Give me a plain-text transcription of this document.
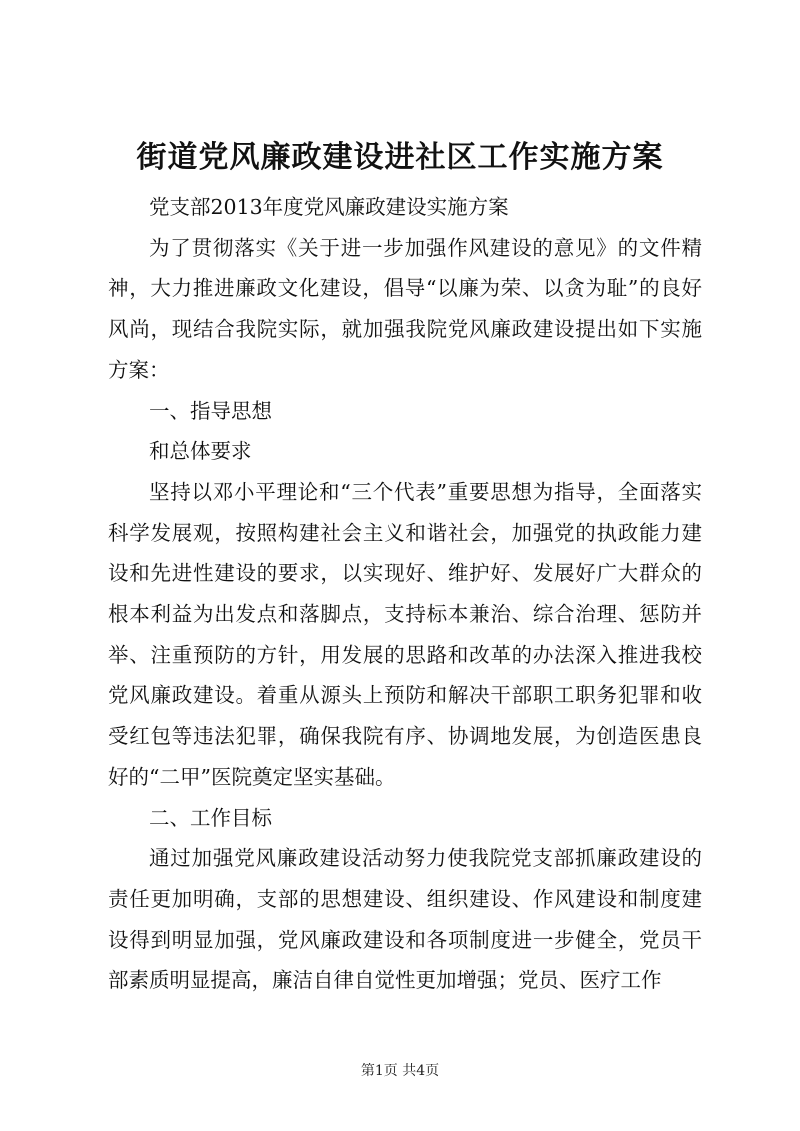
街道党风廉政建设进社区工作实施方案

党支部2013年度党风廉政建设实施方案

为了贯彻落实《关于进一步加强作风建设的意见》的文件精神，大力推进廉政文化建设，倡导“以廉为荣、以贪为耻”的良好风尚，现结合我院实际，就加强我院党风廉政建设提出如下实施方案：

一、指导思想

和总体要求

坚持以邓小平理论和“三个代表”重要思想为指导，全面落实科学发展观，按照构建社会主义和谐社会，加强党的执政能力建设和先进性建设的要求，以实现好、维护好、发展好广大群众的根本利益为出发点和落脚点，支持标本兼治、综合治理、惩防并举、注重预防的方针，用发展的思路和改革的办法深入推进我校党风廉政建设。着重从源头上预防和解决干部职工职务犯罪和收受红包等违法犯罪，确保我院有序、协调地发展，为创造医患良好的“二甲”医院奠定坚实基础。

二、工作目标

通过加强党风廉政建设活动努力使我院党支部抓廉政建设的责任更加明确，支部的思想建设、组织建设、作风建设和制度建设得到明显加强，党风廉政建设和各项制度进一步健全，党员干部素质明显提高，廉洁自律自觉性更加增强；党员、医疗工作

第1页 共4页
